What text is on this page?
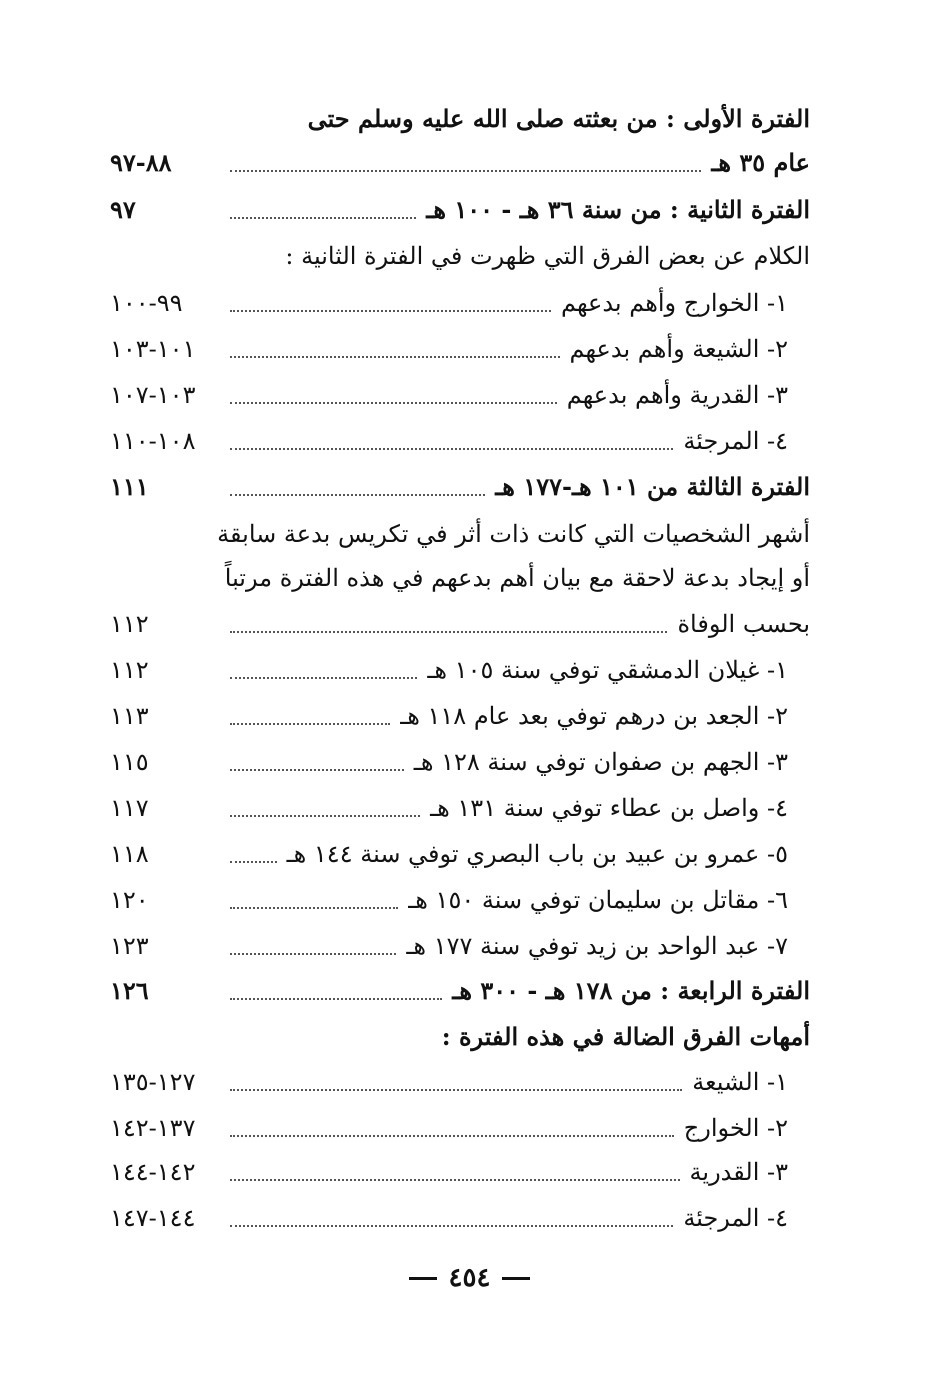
الفترة الأولى : من بعثته صلى الله عليه وسلم حتى
عام ٣٥ هـ
٨٨-٩٧
الفترة الثانية : من سنة ٣٦ هـ - ١٠٠ هـ
٩٧
الكلام عن بعض الفرق التي ظهرت في الفترة الثانية :
١- الخوارج وأهم بدعهم
٩٩-١٠٠
٢- الشيعة وأهم بدعهم
١٠١-١٠٣
٣- القدرية وأهم بدعهم
١٠٣-١٠٧
٤- المرجئة
١٠٨-١١٠
الفترة الثالثة من ١٠١ هـ-١٧٧ هـ
١١١
أشهر الشخصيات التي كانت ذات أثر في تكريس بدعة سابقة
أو إيجاد بدعة لاحقة مع بيان أهم بدعهم في هذه الفترة مرتباً
بحسب الوفاة
١١٢
١- غيلان الدمشقي توفي سنة ١٠٥ هـ
١١٢
٢- الجعد بن درهم توفي بعد عام ١١٨ هـ
١١٣
٣- الجهم بن صفوان توفي سنة ١٢٨ هـ
١١٥
٤- واصل بن عطاء توفي سنة ١٣١ هـ
١١٧
٥- عمرو بن عبيد بن باب البصري توفي سنة ١٤٤ هـ
١١٨
٦- مقاتل بن سليمان توفي سنة ١٥٠ هـ
١٢٠
٧- عبد الواحد بن زيد توفي سنة ١٧٧ هـ
١٢٣
الفترة الرابعة : من ١٧٨ هـ - ٣٠٠ هـ
١٢٦
أمهات الفرق الضالة في هذه الفترة :
١- الشيعة
١٢٧-١٣٥
٢- الخوارج
١٣٧-١٤٢
٣- القدرية
١٤٢-١٤٤
٤- المرجئة
١٤٤-١٤٧
٤٥٤
